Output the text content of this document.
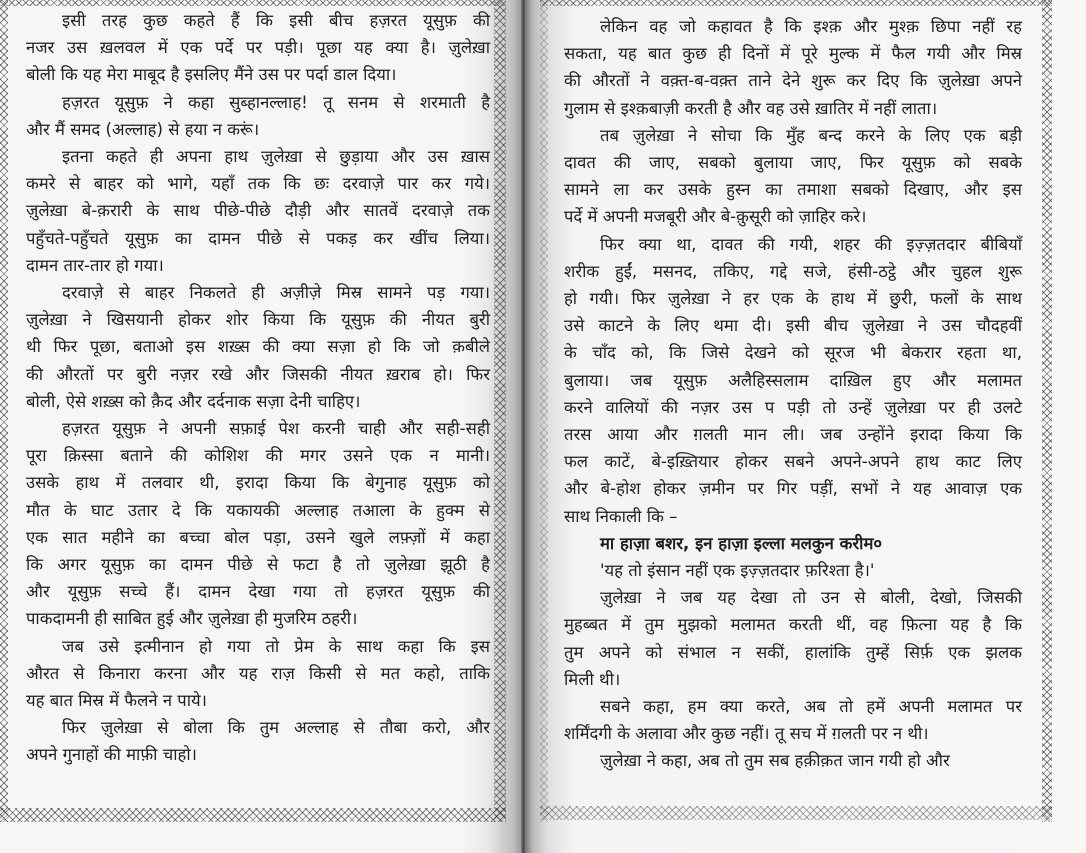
इसी तरह कुछ कहते हैं कि इसी बीच हज़रत यूसुफ़ की
नजर उस ख़लवल में एक पर्दे पर पड़ी। पूछा यह क्या है। ज़ुलेख़ा
बोली कि यह मेरा माबूद है इसलिए मैंने उस पर पर्दा डाल दिया।
हज़रत यूसुफ़ ने कहा सुब्हानल्लाह! तू सनम से शरमाती है
और मैं समद (अल्लाह) से हया न करूं।
इतना कहते ही अपना हाथ ज़ुलेख़ा से छुड़ाया और उस ख़ास
कमरे से बाहर को भागे, यहाँ तक कि छः दरवाज़े पार कर गये।
ज़ुलेख़ा बे-क़रारी के साथ पीछे-पीछे दौड़ी और सातवें दरवाज़े तक
पहुँचते-पहुँचते यूसुफ़ का दामन पीछे से पकड़ कर खींच लिया।
दामन तार-तार हो गया।
दरवाज़े से बाहर निकलते ही अज़ीज़े मिस्र सामने पड़ गया।
ज़ुलेख़ा ने खिसयानी होकर शोर किया कि यूसुफ़ की नीयत बुरी
थी फिर पूछा, बताओ इस शख़्स की क्या सज़ा हो कि जो क़बीले
की औरतों पर बुरी नज़र रखे और जिसकी नीयत ख़राब हो। फिर
बोली, ऐसे शख़्स को क़ैद और दर्दनाक सज़ा देनी चाहिए।
हज़रत यूसुफ़ ने अपनी सफ़ाई पेश करनी चाही और सही-सही
पूरा क़िस्सा बताने की कोशिश की मगर उसने एक न मानी।
उसके हाथ में तलवार थी, इरादा किया कि बेगुनाह यूसुफ़ को
मौत के घाट उतार दे कि यकायकी अल्लाह तआला के हुक्म से
एक सात महीने का बच्चा बोल पड़ा, उसने खुले लफ़्ज़ों में कहा
कि अगर यूसुफ़ का दामन पीछे से फटा है तो ज़ुलेख़ा झूठी है
और यूसुफ़ सच्चे हैं। दामन देखा गया तो हज़रत यूसुफ़ की
पाकदामनी ही साबित हुई और ज़ुलेख़ा ही मुजरिम ठहरी।
जब उसे इत्मीनान हो गया तो प्रेम के साथ कहा कि इस
औरत से किनारा करना और यह राज़ किसी से मत कहो, ताकि
यह बात मिस्र में फैलने न पाये।
फिर ज़ुलेख़ा से बोला कि तुम अल्लाह से तौबा करो, और
अपने गुनाहों की माफ़ी चाहो।
लेकिन वह जो कहावत है कि इश्क़ और मुश्क़ छिपा नहीं रह
सकता, यह बात कुछ ही दिनों में पूरे मुल्क में फैल गयी और मिस्र
की औरतों ने वक़्त-ब-वक़्त ताने देने शुरू कर दिए कि ज़ुलेख़ा अपने
गुलाम से इश्क़बाज़ी करती है और वह उसे ख़ातिर में नहीं लाता।
तब ज़ुलेख़ा ने सोचा कि मुँह बन्द करने के लिए एक बड़ी
दावत की जाए, सबको बुलाया जाए, फिर यूसुफ़ को सबके
सामने ला कर उसके हुस्न का तमाशा सबको दिखाए, और इस
पर्दे में अपनी मजबूरी और बे-क़ुसूरी को ज़ाहिर करे।
फिर क्या था, दावत की गयी, शहर की इज़्ज़तदार बीबियाँ
शरीक हुईं, मसनद, तकिए, गद्दे सजे, हंसी-ठट्ठे और चुहल शुरू
हो गयी। फिर ज़ुलेख़ा ने हर एक के हाथ में छुरी, फलों के साथ
उसे काटने के लिए थमा दी। इसी बीच ज़ुलेख़ा ने उस चौदहवीं
के चाँद को, कि जिसे देखने को सूरज भी बेकरार रहता था,
बुलाया। जब यूसुफ़ अलैहिस्सलाम दाख़िल हुए और मलामत
करने वालियों की नज़र उस प पड़ी तो उन्हें ज़ुलेख़ा पर ही उलटे
तरस आया और ग़लती मान ली। जब उन्होंने इरादा किया कि
फल काटें, बे-इख़्तियार होकर सबने अपने-अपने हाथ काट लिए
और बे-होश होकर ज़मीन पर गिर पड़ीं, सभों ने यह आवाज़ एक
साथ निकाली कि –
मा हाज़ा बशर, इन हाज़ा इल्ला मलकुन करीम०
'यह तो इंसान नहीं एक इज़्ज़तदार फ़रिश्ता है।'
ज़ुलेख़ा ने जब यह देखा तो उन से बोली, देखो, जिसकी
मुहब्बत में तुम मुझको मलामत करती थीं, वह फ़ित्ना यह है कि
तुम अपने को संभाल न सकीं, हालांकि तुम्हें सिर्फ़ एक झलक
मिली थी।
सबने कहा, हम क्या करते, अब तो हमें अपनी मलामत पर
शर्मिंदगी के अलावा और कुछ नहीं। तू सच में ग़लती पर न थी।
ज़ुलेख़ा ने कहा, अब तो तुम सब हक़ीक़त जान गयी हो और
